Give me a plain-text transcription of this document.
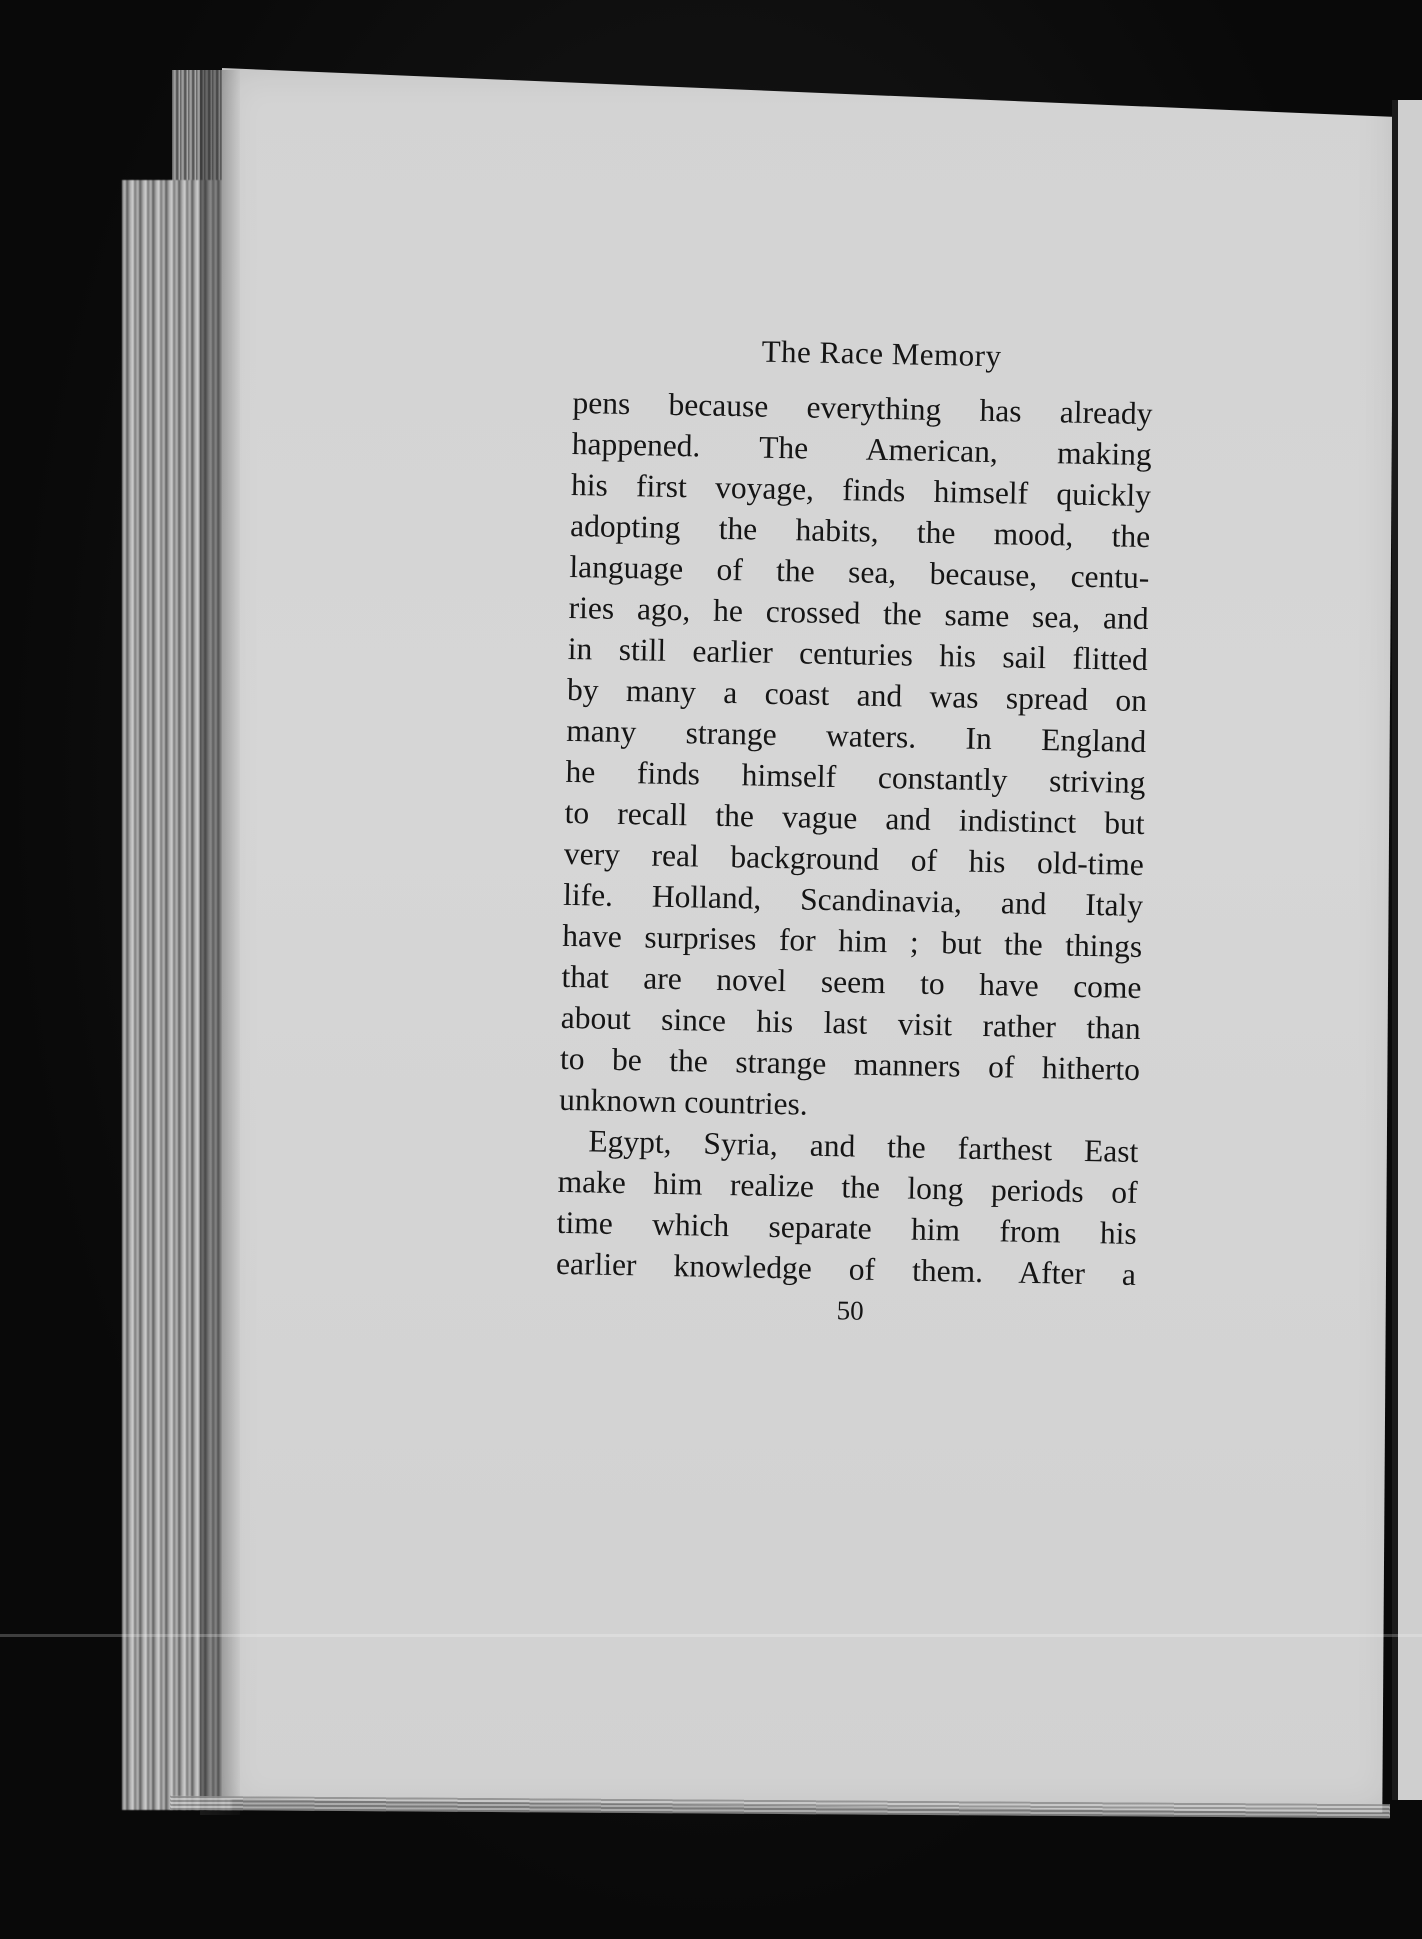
The Race Memory
pens because everything has already
happened. The American, making
his first voyage, finds himself quickly
adopting the habits, the mood, the
language of the sea, because, centu-
ries ago, he crossed the same sea, and
in still earlier centuries his sail flitted
by many a coast and was spread on
many strange waters. In England
he finds himself constantly striving
to recall the vague and indistinct but
very real background of his old-time
life. Holland, Scandinavia, and Italy
have surprises for him ; but the things
that are novel seem to have come
about since his last visit rather than
to be the strange manners of hitherto
unknown countries.
Egypt, Syria, and the farthest East
make him realize the long periods of
time which separate him from his
earlier knowledge of them. After a
50
